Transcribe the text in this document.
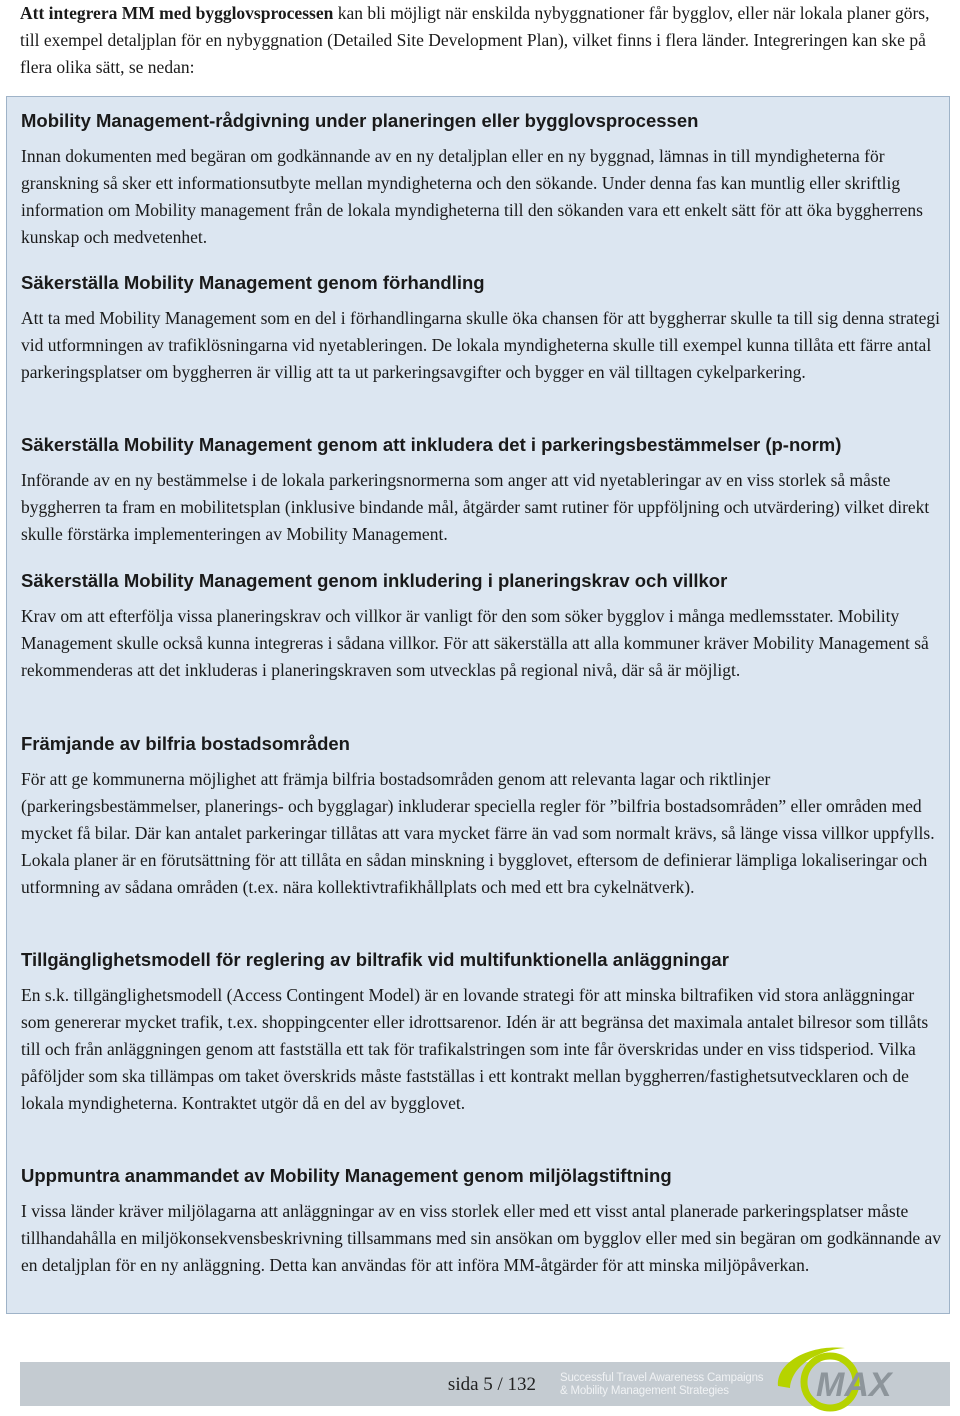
Att integrera MM med bygglovsprocessen kan bli möjligt när enskilda nybyggnationer får bygglov, eller när lokala planer görs, till exempel detaljplan för en nybyggnation (Detailed Site Development Plan), vilket finns i flera länder. Integreringen kan ske på flera olika sätt, se nedan:
Mobility Management-rådgivning under planeringen eller bygglovsprocessen

Innan dokumenten med begäran om godkännande av en ny detaljplan eller en ny byggnad, lämnas in till myndigheterna för granskning så sker ett informationsutbyte mellan myndigheterna och den sökande. Under denna fas kan muntlig eller skriftlig information om Mobility management från de lokala myndigheterna till den sökanden vara ett enkelt sätt för att öka byggherrens kunskap och medvetenhet.

Säkerställa Mobility Management genom förhandling

Att ta med Mobility Management som en del i förhandlingarna skulle öka chansen för att byggherrar skulle ta till sig denna strategi vid utformningen av trafiklösningarna vid nyetableringen. De lokala myndigheterna skulle till exempel kunna tillåta ett färre antal parkeringsplatser om byggherren är villig att ta ut parkeringsavgifter och bygger en väl tilltagen cykelparkering.

Säkerställa Mobility Management genom att inkludera det i parkeringsbestämmelser (p-norm)

Införande av en ny bestämmelse i de lokala parkeringsnormerna som anger att vid nyetableringar av en viss storlek så måste byggherren ta fram en mobilitetsplan (inklusive bindande mål, åtgärder samt rutiner för uppföljning och utvärdering) vilket direkt skulle förstärka implementeringen av Mobility Management.

Säkerställa Mobility Management genom inkludering i planeringskrav och villkor

Krav om att efterfölja vissa planeringskrav och villkor är vanligt för den som söker bygglov i många medlemsstater. Mobility Management skulle också kunna integreras i sådana villkor. För att säkerställa att alla kommuner kräver Mobility Management så rekommenderas att det inkluderas i planeringskraven som utvecklas på regional nivå, där så är möjligt.

Främjande av bilfria bostadsområden

För att ge kommunerna möjlighet att främja bilfria bostadsområden genom att relevanta lagar och riktlinjer (parkeringsbestämmelser, planerings- och bygglagar) inkluderar speciella regler för ”bilfria bostadsområden” eller områden med mycket få bilar. Där kan antalet parkeringar tillåtas att vara mycket färre än vad som normalt krävs, så länge vissa villkor uppfylls. Lokala planer är en förutsättning för att tillåta en sådan minskning i bygglovet, eftersom de definierar lämpliga lokaliseringar och utformning av sådana områden (t.ex. nära kollektivtrafikhållplats och med ett bra cykelnätverk).

Tillgänglighetsmodell för reglering av biltrafik vid multifunktionella anläggningar

En s.k. tillgänglighetsmodell (Access Contingent Model) är en lovande strategi för att minska biltrafiken vid stora anläggningar som genererar mycket trafik, t.ex. shoppingcenter eller idrottsarenor. Idén är att begränsa det maximala antalet bilresor som tillåts till och från anläggningen genom att fastställa ett tak för trafikalstringen som inte får överskridas under en viss tidsperiod. Vilka påföljder som ska tillämpas om taket överskrids måste fastställas i ett kontrakt mellan byggherren/fastighetsutvecklaren och de lokala myndigheterna. Kontraktet utgör då en del av bygglovet.

Uppmuntra anammandet av Mobility Management genom miljölagstiftning

I vissa länder kräver miljölagarna att anläggningar av en viss storlek eller med ett visst antal planerade parkeringsplatser måste tillhandahålla en miljökonsekvensbeskrivning tillsammans med sin ansökan om bygglov eller med sin begäran om godkännande av en detaljplan för en ny anläggning. Detta kan användas för att införa MM-åtgärder för att minska miljöpåverkan.

sida 5 / 132	Successful Travel Awareness Campaigns
& Mobility Management Strategies	MAX
